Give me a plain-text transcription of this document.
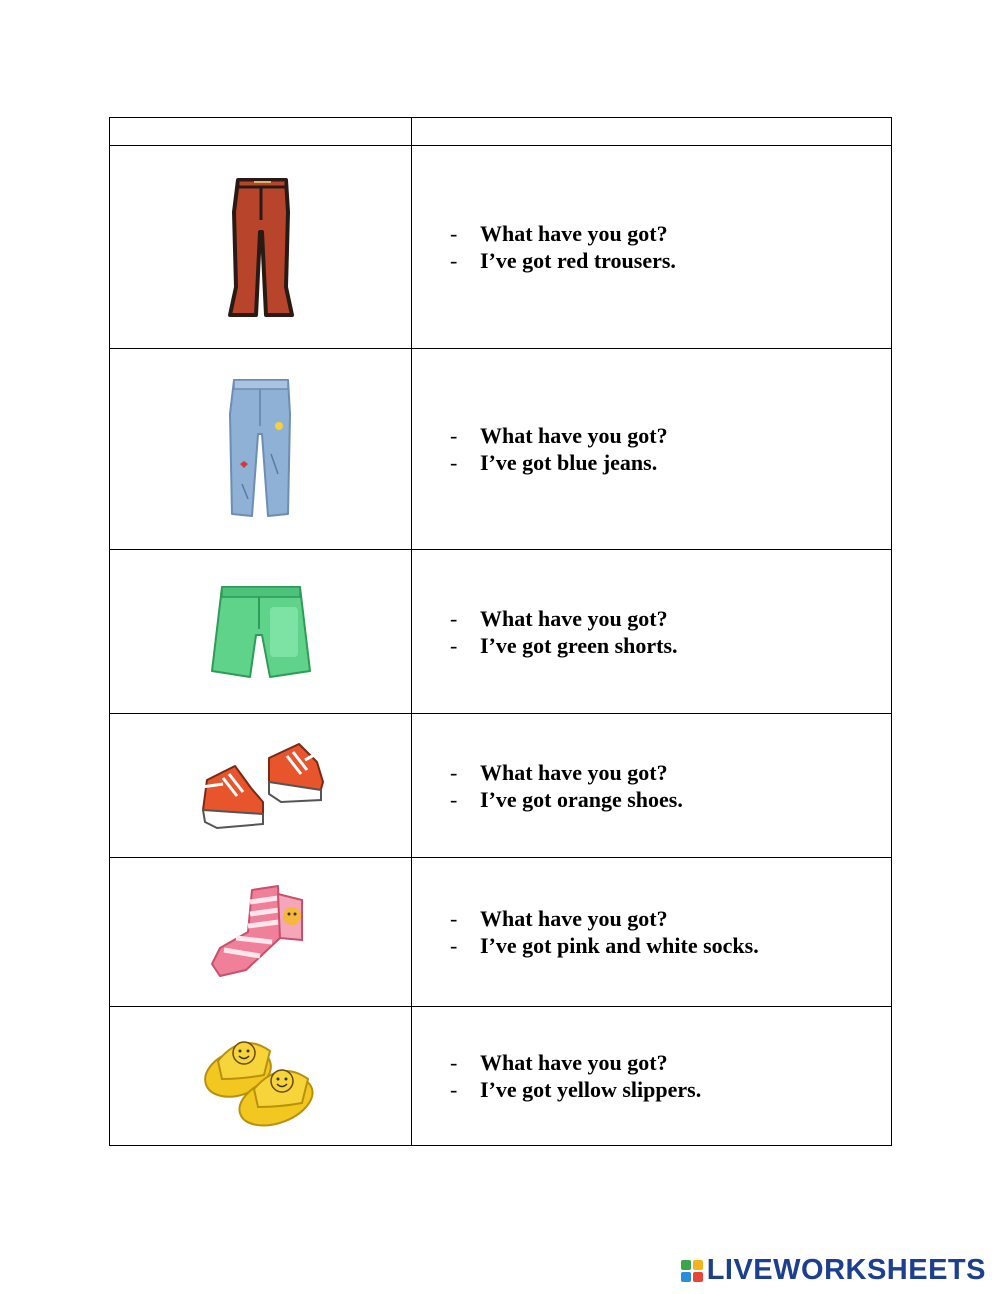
- What have you got?
- I’ve got red trousers.

- What have you got?
- I’ve got blue jeans.

- What have you got?
- I’ve got green shorts.

- What have you got?
- I’ve got orange shoes.

- What have you got?
- I’ve got pink and white socks.

- What have you got?
- I’ve got yellow slippers.
LIVEWORKSHEETS
